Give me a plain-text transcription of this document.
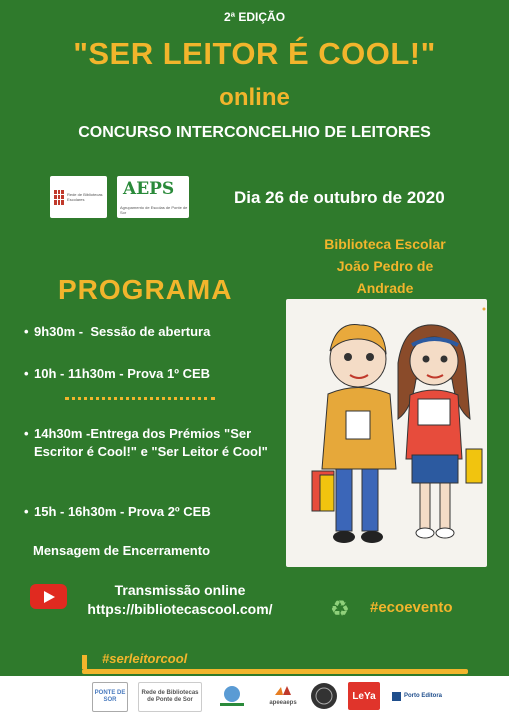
2ª EDIÇÃO
"SER LEITOR É COOL!"
online
CONCURSO INTERCONCELHIO DE LEITORES
Rede de Bibliotecas Escolares
AEPS
Agrupamento de Escolas de Ponte de Sor
Dia 26 de outubro de 2020
Biblioteca Escolar
João Pedro de
Andrade
PROGRAMA
• 9h30m - Sessão de abertura
• 10h - 11h30m - Prova 1º CEB
• 14h30m -Entrega dos Prémios "Ser Escritor é Cool!" e "Ser Leitor é Cool"
• 15h - 16h30m - Prova 2º CEB
Mensagem de Encerramento
Transmissão online
https://bibliotecascool.com/	♻ #ecoevento
#serleitorcool
PONTE DE SOR
Rede de Bibliotecas de Ponte de Sor	apeeaeps
LeYa	Porto Editora
